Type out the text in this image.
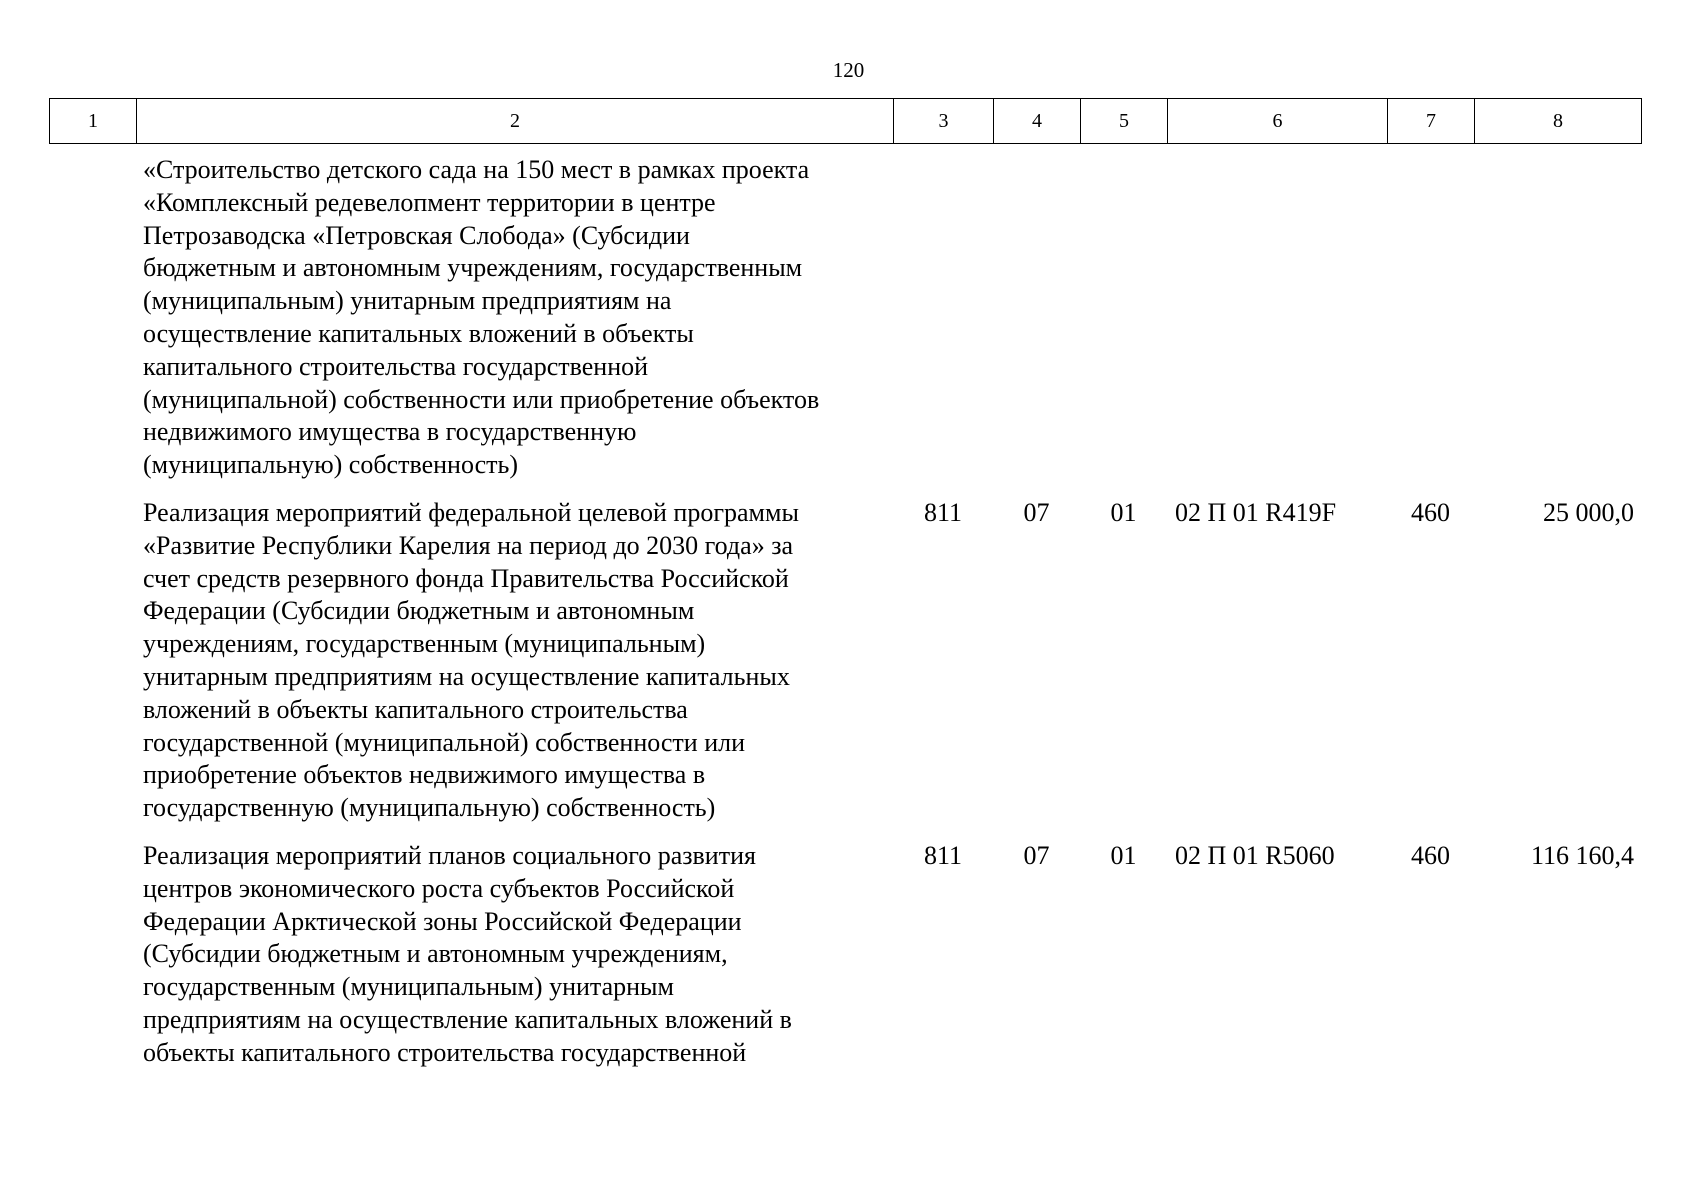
120
1	2	3	4	5	6	7	8
«Строительство детского сада на 150 мест в рамках проекта
«Комплексный редевелопмент территории в центре
Петрозаводска «Петровская Слобода» (Субсидии
бюджетным и автономным учреждениям, государственным
(муниципальным) унитарным предприятиям на
осуществление капитальных вложений в объекты
капитального строительства государственной
(муниципальной) собственности или приобретение объектов
недвижимого имущества в государственную
(муниципальную) собственность)
Реализация мероприятий федеральной целевой программы
«Развитие Республики Карелия на период до 2030 года» за
счет средств резервного фонда Правительства Российской
Федерации (Субсидии бюджетным и автономным
учреждениям, государственным (муниципальным)
унитарным предприятиям на осуществление капитальных
вложений в объекты капитального строительства
государственной (муниципальной) собственности или
приобретение объектов недвижимого имущества в
государственную (муниципальную) собственность)
811	07	01	02 П 01 R419F	460	25 000,0
Реализация мероприятий планов социального развития
центров экономического роста субъектов Российской
Федерации Арктической зоны Российской Федерации
(Субсидии бюджетным и автономным учреждениям,
государственным (муниципальным) унитарным
предприятиям на осуществление капитальных вложений в
объекты капитального строительства государственной
811	07	01	02 П 01 R5060	460	116 160,4
